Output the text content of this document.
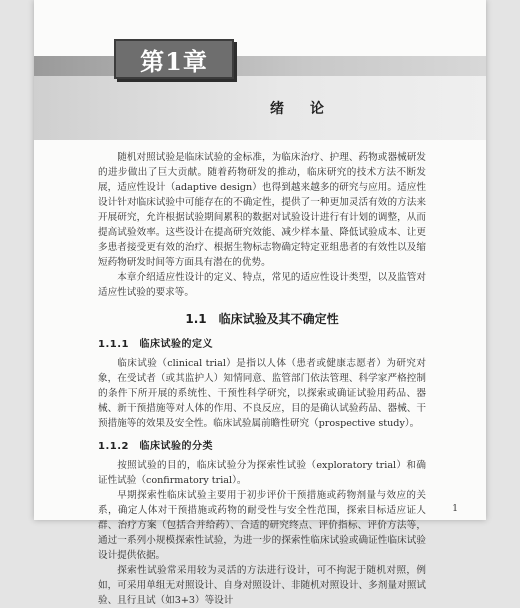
第1章
绪　论

随机对照试验是临床试验的金标准，为临床治疗、护理、药物或器械研发的进步做出了巨大贡献。随着药物研发的推动，临床研究的技术方法不断发展，适应性设计（adaptive design）也得到越来越多的研究与应用。适应性设计针对临床试验中可能存在的不确定性，提供了一种更加灵活有效的方法来开展研究，允许根据试验期间累积的数据对试验设计进行有计划的调整，从而提高试验效率。这些设计在提高研究效能、减少样本量、降低试验成本、让更多患者接受更有效的治疗、根据生物标志物确定特定亚组患者的有效性以及缩短药物研发时间等方面具有潜在的优势。

本章介绍适应性设计的定义、特点，常见的适应性设计类型，以及监管对适应性试验的要求等。

1.1　临床试验及其不确定性
1.1.1　临床试验的定义

临床试验（clinical trial）是指以人体（患者或健康志愿者）为研究对象，在受试者（或其监护人）知情同意、监管部门依法管理、科学家严格控制的条件下所开展的系统性、干预性科学研究，以探索或确证试验用药品、器械、新干预措施等对人体的作用、不良反应，目的是确认试验药品、器械、干预措施等的效果及安全性。临床试验属前瞻性研究（prospective study）。

1.1.2　临床试验的分类

按照试验的目的，临床试验分为探索性试验（exploratory trial）和确证性试验（confirmatory trial）。

早期探索性临床试验主要用于初步评价干预措施或药物剂量与效应的关系，确定人体对干预措施或药物的耐受性与安全性范围，探索目标适应证人群、治疗方案（包括合并给药）、合适的研究终点、评价指标、评价方法等，通过一系列小规模探索性试验，为进一步的探索性临床试验或确证性临床试验设计提供依据。

探索性试验常采用较为灵活的方法进行设计，可不拘泥于随机对照，例如，可采用单组无对照设计、自身对照设计、非随机对照设计、多剂量对照试验、且行且试（如3+3）等设计

1
